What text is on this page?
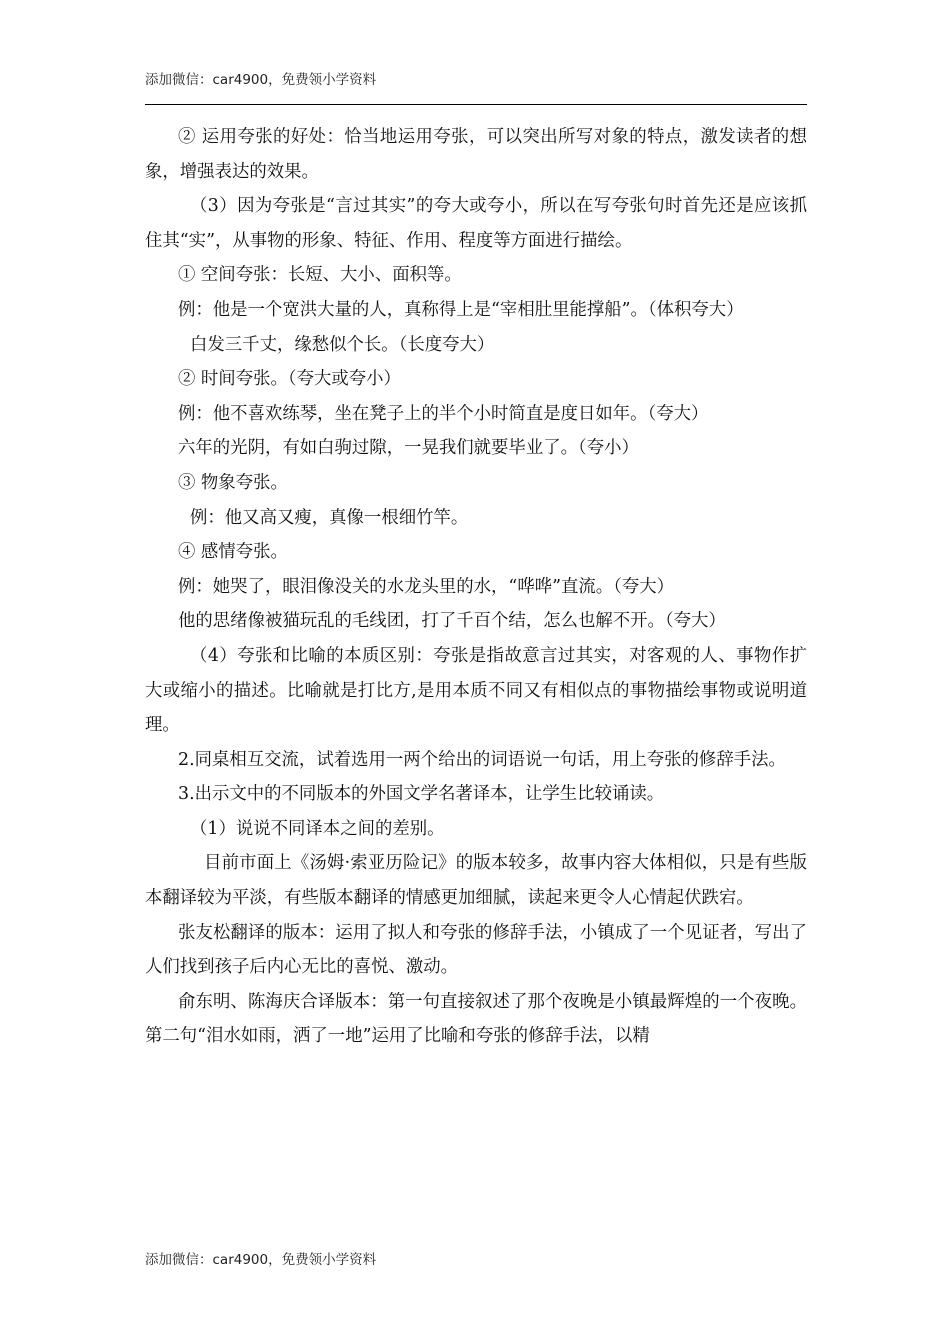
添加微信：car4900，免费领小学资料

② 运用夸张的好处：恰当地运用夸张，可以突出所写对象的特点，激发读者的想象，增强表达的效果。

（3）因为夸张是“言过其实”的夸大或夸小，所以在写夸张句时首先还是应该抓住其“实”，从事物的形象、特征、作用、程度等方面进行描绘。

① 空间夸张：长短、大小、面积等。

例：他是一个宽洪大量的人，真称得上是“宰相肚里能撑船”。（体积夸大）

白发三千丈，缘愁似个长。（长度夸大）

② 时间夸张。（夸大或夸小）

例：他不喜欢练琴，坐在凳子上的半个小时简直是度日如年。（夸大）

六年的光阴，有如白驹过隙，一晃我们就要毕业了。（夸小）

③ 物象夸张。

例：他又高又瘦，真像一根细竹竿。

④ 感情夸张。

例：她哭了，眼泪像没关的水龙头里的水，“哗哗”直流。（夸大）

他的思绪像被猫玩乱的毛线团，打了千百个结，怎么也解不开。（夸大）

（4）夸张和比喻的本质区别：夸张是指故意言过其实，对客观的人、事物作扩大或缩小的描述。比喻就是打比方,是用本质不同又有相似点的事物描绘事物或说明道理。

2.同桌相互交流，试着选用一两个给出的词语说一句话，用上夸张的修辞手法。

3.出示文中的不同版本的外国文学名著译本，让学生比较诵读。

（1）说说不同译本之间的差别。

目前市面上《汤姆·索亚历险记》的版本较多，故事内容大体相似，只是有些版本翻译较为平淡，有些版本翻译的情感更加细腻，读起来更令人心情起伏跌宕。

张友松翻译的版本：运用了拟人和夸张的修辞手法，小镇成了一个见证者，写出了人们找到孩子后内心无比的喜悦、激动。

俞东明、陈海庆合译版本：第一句直接叙述了那个夜晚是小镇最辉煌的一个夜晚。第二句“泪水如雨，洒了一地”运用了比喻和夸张的修辞手法，以精

添加微信：car4900，免费领小学资料
